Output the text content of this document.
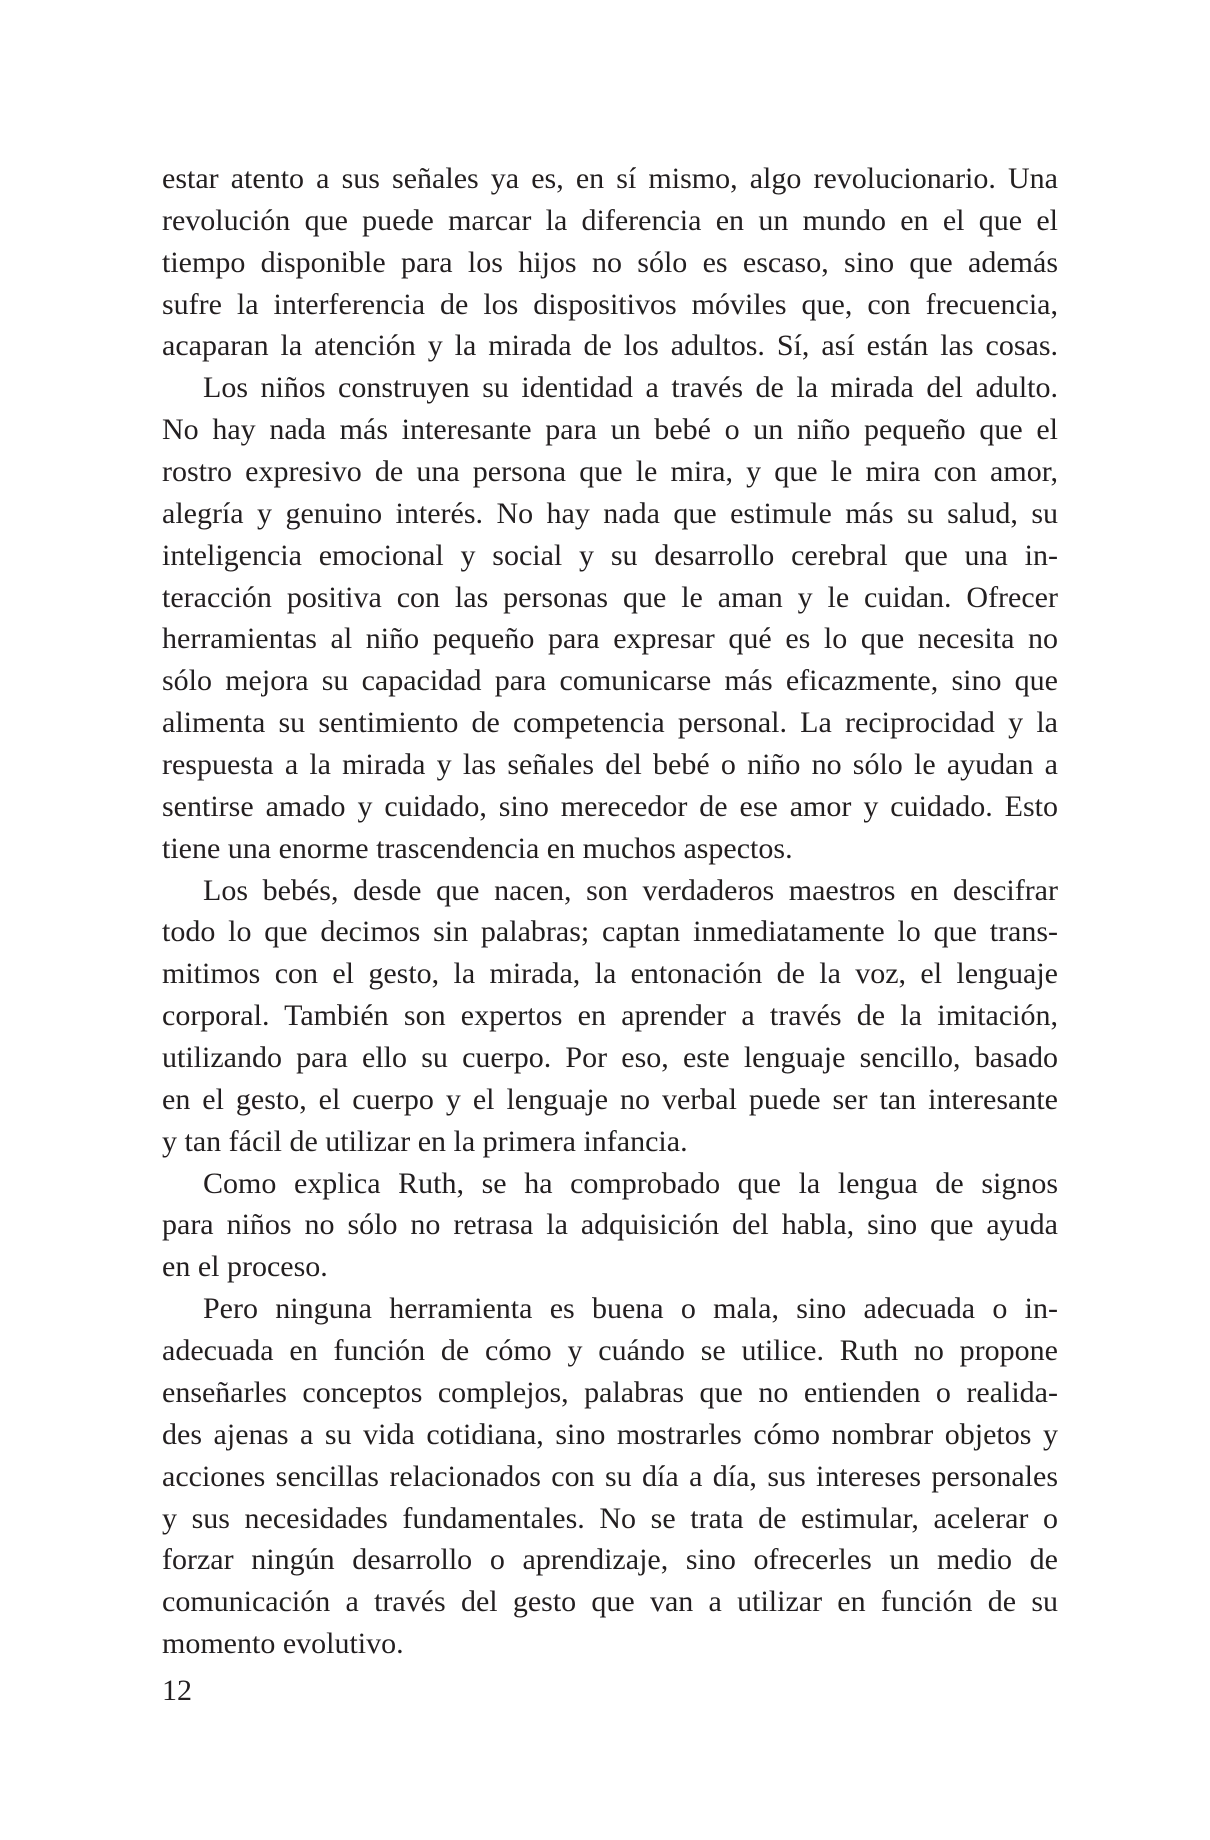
estar atento a sus señales ya es, en sí mismo, algo revolucionario. Una
revolución que puede marcar la diferencia en un mundo en el que el
tiempo disponible para los hijos no sólo es escaso, sino que además
sufre la interferencia de los dispositivos móviles que, con frecuencia,
acaparan la atención y la mirada de los adultos. Sí, así están las cosas.
Los niños construyen su identidad a través de la mirada del adulto.
No hay nada más interesante para un bebé o un niño pequeño que el
rostro expresivo de una persona que le mira, y que le mira con amor,
alegría y genuino interés. No hay nada que estimule más su salud, su
inteligencia emocional y social y su desarrollo cerebral que una in-
teracción positiva con las personas que le aman y le cuidan. Ofrecer
herramientas al niño pequeño para expresar qué es lo que necesita no
sólo mejora su capacidad para comunicarse más eficazmente, sino que
alimenta su sentimiento de competencia personal. La reciprocidad y la
respuesta a la mirada y las señales del bebé o niño no sólo le ayudan a
sentirse amado y cuidado, sino merecedor de ese amor y cuidado. Esto
tiene una enorme trascendencia en muchos aspectos.
Los bebés, desde que nacen, son verdaderos maestros en descifrar
todo lo que decimos sin palabras; captan inmediatamente lo que trans-
mitimos con el gesto, la mirada, la entonación de la voz, el lenguaje
corporal. También son expertos en aprender a través de la imitación,
utilizando para ello su cuerpo. Por eso, este lenguaje sencillo, basado
en el gesto, el cuerpo y el lenguaje no verbal puede ser tan interesante
y tan fácil de utilizar en la primera infancia.
Como explica Ruth, se ha comprobado que la lengua de signos
para niños no sólo no retrasa la adquisición del habla, sino que ayuda
en el proceso.
Pero ninguna herramienta es buena o mala, sino adecuada o in-
adecuada en función de cómo y cuándo se utilice. Ruth no propone
enseñarles conceptos complejos, palabras que no entienden o realida-
des ajenas a su vida cotidiana, sino mostrarles cómo nombrar objetos y
acciones sencillas relacionados con su día a día, sus intereses personales
y sus necesidades fundamentales. No se trata de estimular, acelerar o
forzar ningún desarrollo o aprendizaje, sino ofrecerles un medio de
comunicación a través del gesto que van a utilizar en función de su
momento evolutivo.
12
